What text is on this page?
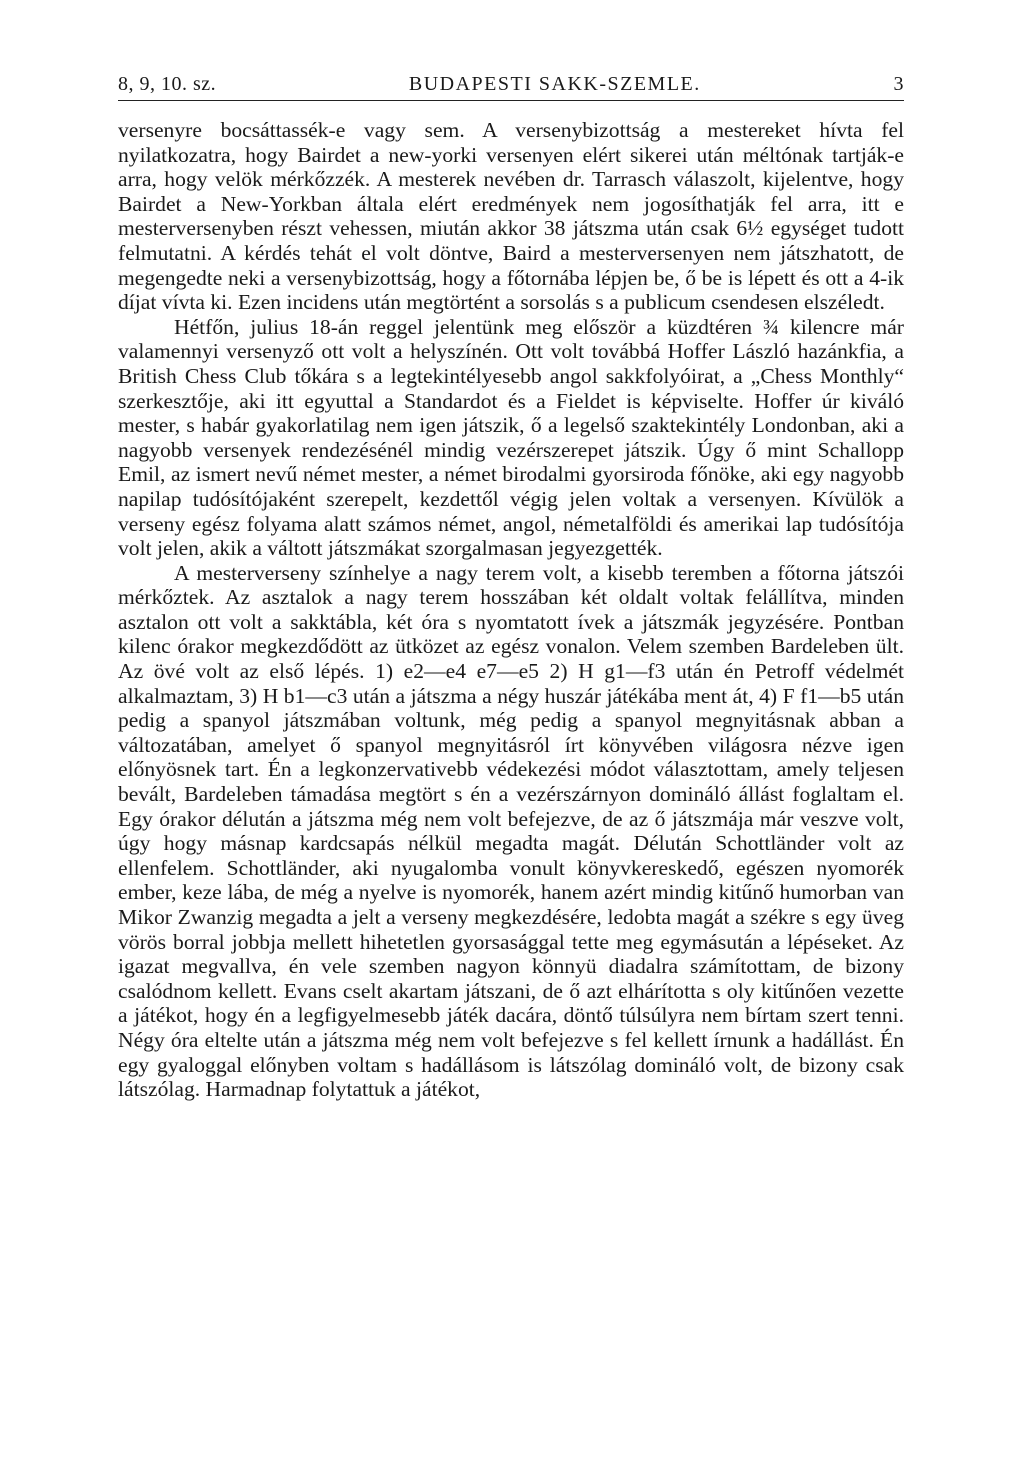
8, 9, 10. sz.	BUDAPESTI SAKK-SZEMLE.	3

versenyre bocsáttassék-e vagy sem. A versenybizottság a mestereket hívta fel nyilatkozatra, hogy Bairdet a new-yorki versenyen elért sikerei után méltónak tartják-e arra, hogy velök mérkőzzék. A mesterek nevében dr. Tarrasch válaszolt, kijelentve, hogy Bairdet a New-Yorkban általa elért eredmények nem jogosíthatják fel arra, itt e mesterversenyben részt vehessen, miután akkor 38 játszma után csak 6½ egységet tudott felmutatni. A kérdés tehát el volt döntve, Baird a mesterversenyen nem játszhatott, de megengedte neki a versenybizottság, hogy a főtornába lépjen be, ő be is lépett és ott a 4-ik díjat vívta ki. Ezen incidens után megtörtént a sorsolás s a publicum csendesen elszéledt.

Hétfőn, julius 18-án reggel jelentünk meg először a küzdtéren ¾ kilencre már valamennyi versenyző ott volt a helyszínén. Ott volt továbbá Hoffer László hazánkfia, a British Chess Club tőkára s a legtekintélyesebb angol sakkfolyóirat, a „Chess Monthly“ szerkesztője, aki itt egyuttal a Standardot és a Fieldet is képviselte. Hoffer úr kiváló mester, s habár gyakorlatilag nem igen játszik, ő a legelső szaktekintély Londonban, aki a nagyobb versenyek rendezésénél mindig vezérszerepet játszik. Úgy ő mint Schallopp Emil, az ismert nevű német mester, a német birodalmi gyorsiroda főnöke, aki egy nagyobb napilap tudósítójaként szerepelt, kezdettől végig jelen voltak a versenyen. Kívülök a verseny egész folyama alatt számos német, angol, németalföldi és amerikai lap tudósítója volt jelen, akik a váltott játszmákat szorgalmasan jegyezgették.

A mesterverseny színhelye a nagy terem volt, a kisebb teremben a főtorna játszói mérkőztek. Az asztalok a nagy terem hosszában két oldalt voltak felállítva, minden asztalon ott volt a sakktábla, két óra s nyomtatott ívek a játszmák jegyzésére. Pontban kilenc órakor megkezdődött az ütközet az egész vonalon. Velem szemben Bardeleben ült. Az övé volt az első lépés. 1) e2—e4 e7—e5 2) H g1—f3 után én Petroff védelmét alkalmaztam, 3) H b1—c3 után a játszma a négy huszár játékába ment át, 4) F f1—b5 után pedig a spanyol játszmában voltunk, még pedig a spanyol megnyitásnak abban a változatában, amelyet ő spanyol megnyitásról írt könyvében világosra nézve igen előnyösnek tart. Én a legkonzervativebb védekezési módot választottam, amely teljesen bevált, Bardeleben támadása megtört s én a vezérszárnyon domináló állást foglaltam el. Egy órakor délután a játszma még nem volt befejezve, de az ő játszmája már veszve volt, úgy hogy másnap kardcsapás nélkül megadta magát. Délután Schottländer volt az ellenfelem. Schottländer, aki nyugalomba vonult könyvkereskedő, egészen nyomorék ember, keze lába, de még a nyelve is nyomorék, hanem azért mindig kitűnő humorban van Mikor Zwanzig megadta a jelt a verseny megkezdésére, ledobta magát a székre s egy üveg vörös borral jobbja mellett hihetetlen gyorsasággal tette meg egymásután a lépéseket. Az igazat megvallva, én vele szemben nagyon könnyü diadalra számítottam, de bizony csalódnom kellett. Evans cselt akartam játszani, de ő azt elhárította s oly kitűnően vezette a játékot, hogy én a legfigyelmesebb játék dacára, döntő túlsúlyra nem bírtam szert tenni. Négy óra eltelte után a játszma még nem volt befejezve s fel kellett írnunk a hadállást. Én egy gyaloggal előnyben voltam s hadállásom is látszólag domináló volt, de bizony csak látszólag. Harmadnap folytattuk a játékot,
